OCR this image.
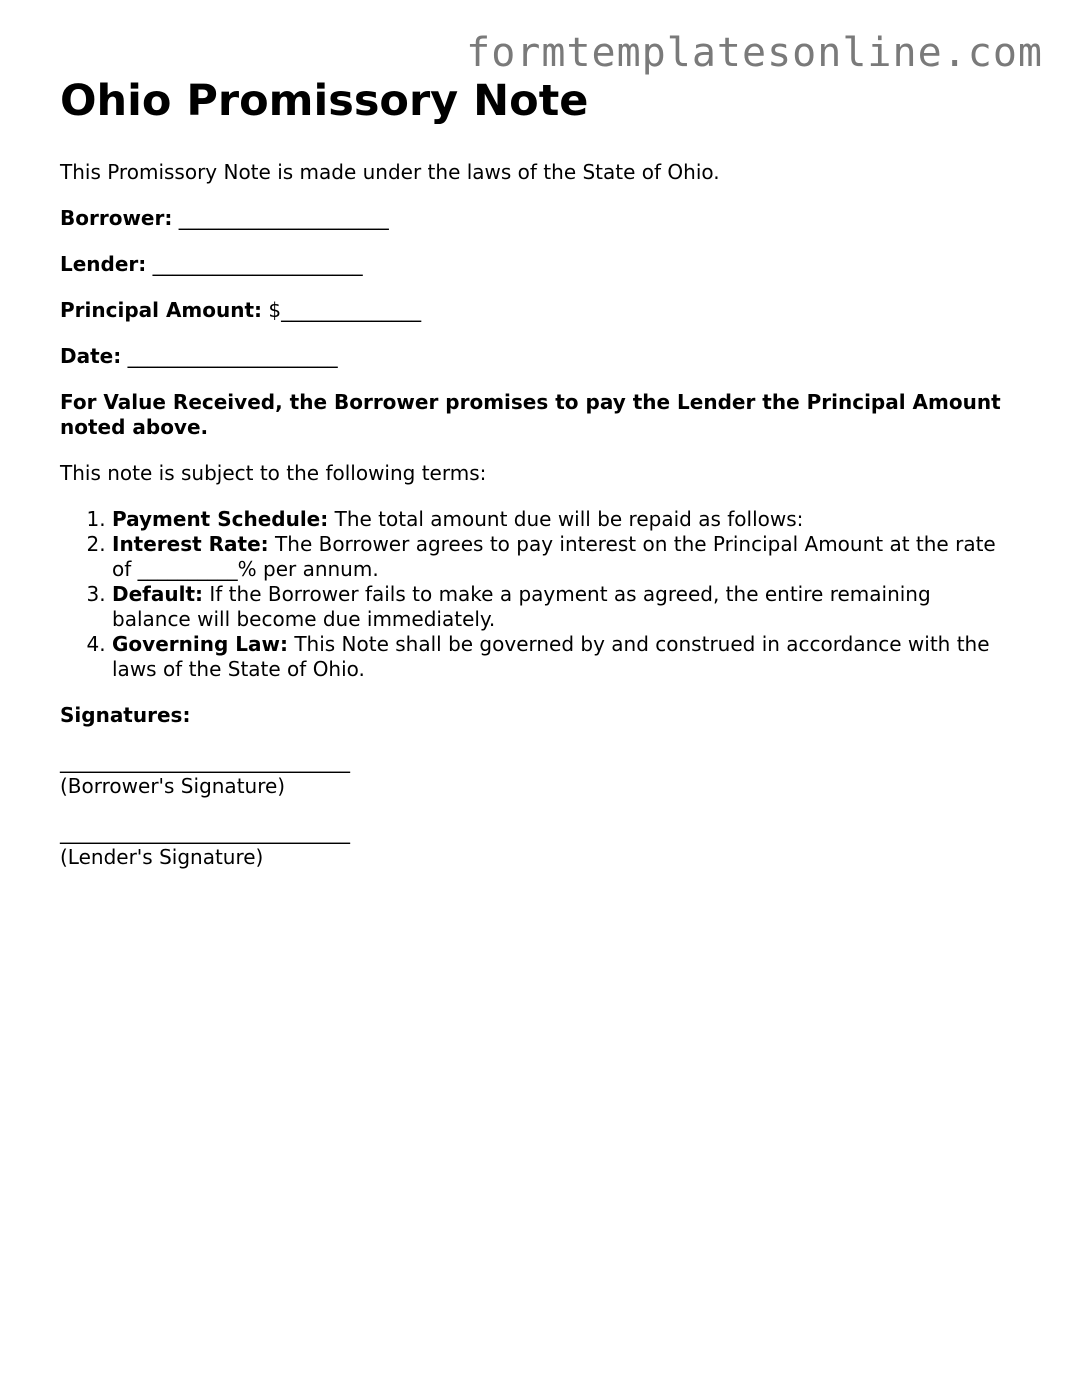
formtemplatesonline.com
Ohio Promissory Note

This Promissory Note is made under the laws of the State of Ohio.

Borrower: _____________________

Lender: _____________________

Principal Amount: $______________

Date: _____________________

For Value Received, the Borrower promises to pay the Lender the Principal Amount noted above.

This note is subject to the following terms:

1. Payment Schedule: The total amount due will be repaid as follows:
2. Interest Rate: The Borrower agrees to pay interest on the Principal Amount at the rate of __________% per annum.
3. Default: If the Borrower fails to make a payment as agreed, the entire remaining balance will become due immediately.
4. Governing Law: This Note shall be governed by and construed in accordance with the laws of the State of Ohio.

Signatures:

_____________________________
(Borrower's Signature)
_____________________________
(Lender's Signature)
